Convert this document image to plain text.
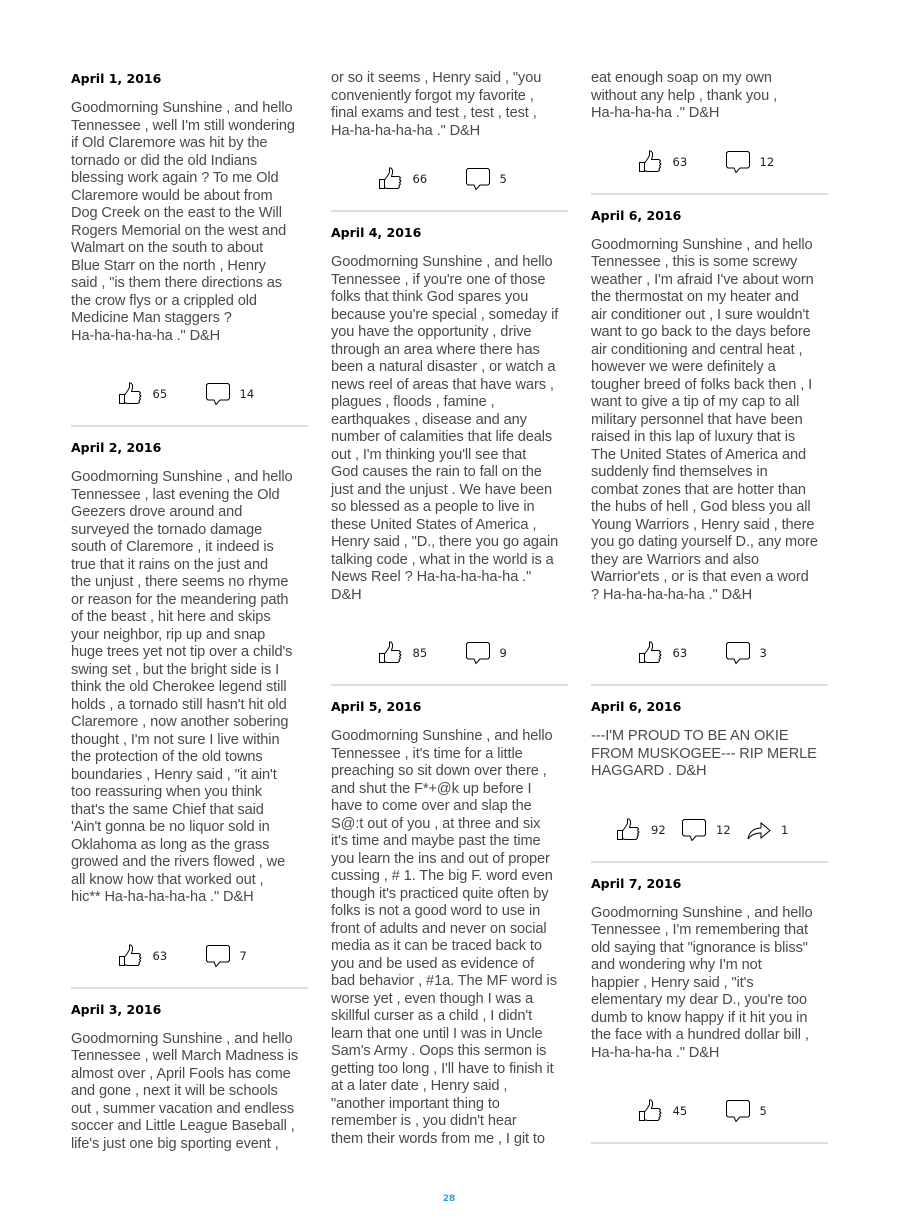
April 1, 2016
Goodmorning Sunshine , and hello
Tennessee , well I'm still wondering
if Old Claremore was hit by the
tornado or did the old Indians
blessing work again ? To me Old
Claremore would be about from
Dog Creek on the east to the Will
Rogers Memorial on the west and
Walmart on the south to about
Blue Starr on the north , Henry
said , "is them there directions as
the crow flys or a crippled old
Medicine Man staggers ?
Ha-ha-ha-ha-ha ." D&H
65	14
April 2, 2016
Goodmorning Sunshine , and hello
Tennessee , last evening the Old
Geezers drove around and
surveyed the tornado damage
south of Claremore , it indeed is
true that it rains on the just and
the unjust , there seems no rhyme
or reason for the meandering path
of the beast , hit here and skips
your neighbor, rip up and snap
huge trees yet not tip over a child's
swing set , but the bright side is I
think the old Cherokee legend still
holds , a tornado still hasn't hit old
Claremore , now another sobering
thought , I'm not sure I live within
the protection of the old towns
boundaries , Henry said , "it ain't
too reassuring when you think
that's the same Chief that said
'Ain't gonna be no liquor sold in
Oklahoma as long as the grass
growed and the rivers flowed , we
all know how that worked out ,
hic** Ha-ha-ha-ha-ha ." D&H
63	7
April 3, 2016
Goodmorning Sunshine , and hello
Tennessee , well March Madness is
almost over , April Fools has come
and gone , next it will be schools
out , summer vacation and endless
soccer and Little League Baseball ,
life's just one big sporting event ,
or so it seems , Henry said , "you
conveniently forgot my favorite ,
final exams and test , test , test ,
Ha-ha-ha-ha-ha ." D&H
66	5
April 4, 2016
Goodmorning Sunshine , and hello
Tennessee , if you're one of those
folks that think God spares you
because you're special , someday if
you have the opportunity , drive
through an area where there has
been a natural disaster , or watch a
news reel of areas that have wars ,
plagues , floods , famine ,
earthquakes , disease and any
number of calamities that life deals
out , I'm thinking you'll see that
God causes the rain to fall on the
just and the unjust . We have been
so blessed as a people to live in
these United States of America ,
Henry said , "D., there you go again
talking code , what in the world is a
News Reel ? Ha-ha-ha-ha-ha ."
D&H
85	9
April 5, 2016
Goodmorning Sunshine , and hello
Tennessee , it's time for a little
preaching so sit down over there ,
and shut the F*+@k up before I
have to come over and slap the
S@:t out of you , at three and six
it's time and maybe past the time
you learn the ins and out of proper
cussing , # 1. The big F. word even
though it's practiced quite often by
folks is not a good word to use in
front of adults and never on social
media as it can be traced back to
you and be used as evidence of
bad behavior , #1a. The MF word is
worse yet , even though I was a
skillful curser as a child , I didn't
learn that one until I was in Uncle
Sam's Army . Oops this sermon is
getting too long , I'll have to finish it
at a later date , Henry said ,
"another important thing to
remember is , you didn't hear
them their words from me , I git to
eat enough soap on my own
without any help , thank you ,
Ha-ha-ha-ha ." D&H
63	12
April 6, 2016
Goodmorning Sunshine , and hello
Tennessee , this is some screwy
weather , I'm afraid I've about worn
the thermostat on my heater and
air conditioner out , I sure wouldn't
want to go back to the days before
air conditioning and central heat ,
however we were definitely a
tougher breed of folks back then , I
want to give a tip of my cap to all
military personnel that have been
raised in this lap of luxury that is
The United States of America and
suddenly find themselves in
combat zones that are hotter than
the hubs of hell , God bless you all
Young Warriors , Henry said , there
you go dating yourself D., any more
they are Warriors and also
Warrior'ets , or is that even a word
? Ha-ha-ha-ha-ha ." D&H
63	3
April 6, 2016
---I'M PROUD TO BE AN OKIE
FROM MUSKOGEE--- RIP MERLE
HAGGARD . D&H
92	12	1
April 7, 2016
Goodmorning Sunshine , and hello
Tennessee , I'm remembering that
old saying that "ignorance is bliss"
and wondering why I'm not
happier , Henry said , "it's
elementary my dear D., you're too
dumb to know happy if it hit you in
the face with a hundred dollar bill ,
Ha-ha-ha-ha ." D&H
45	5
28
